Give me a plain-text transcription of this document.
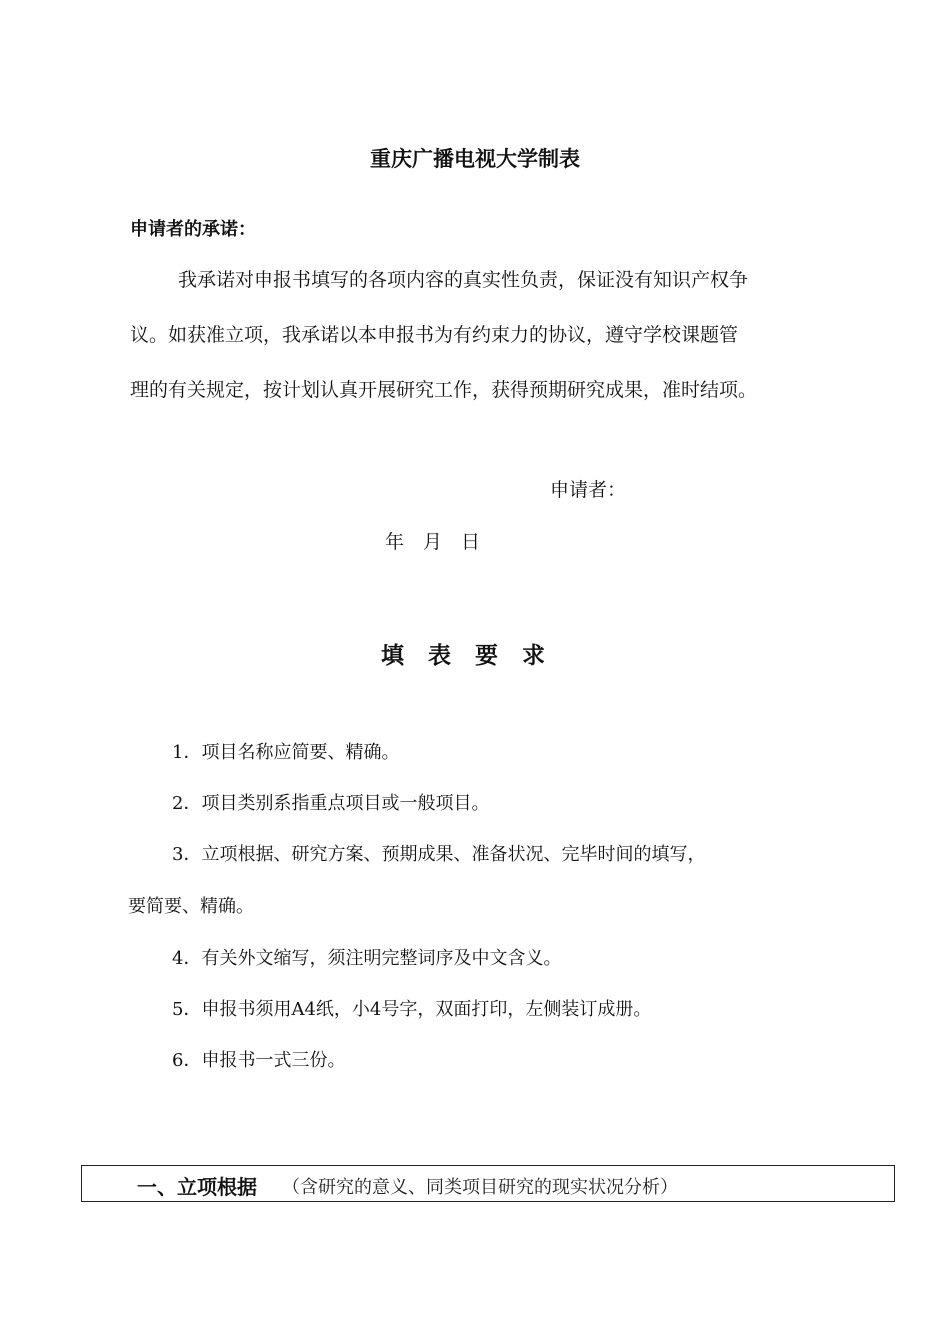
重庆广播电视大学制表
申请者的承诺：
我承诺对申报书填写的各项内容的真实性负责，保证没有知识产权争
议。如获准立项，我承诺以本申报书为有约束力的协议，遵守学校课题管
理的有关规定，按计划认真开展研究工作，获得预期研究成果，准时结项。
申请者：
年　月　日
填表要求
1．项目名称应简要、精确。
2．项目类别系指重点项目或一般项目。
3．立项根据、研究方案、预期成果、准备状况、完毕时间的填写，
要简要、精确。
4．有关外文缩写，须注明完整词序及中文含义。
5．申报书须用A4纸，小4号字，双面打印，左侧装订成册。
6．申报书一式三份。
一、立项根据 （含研究的意义、同类项目研究的现实状况分析）
